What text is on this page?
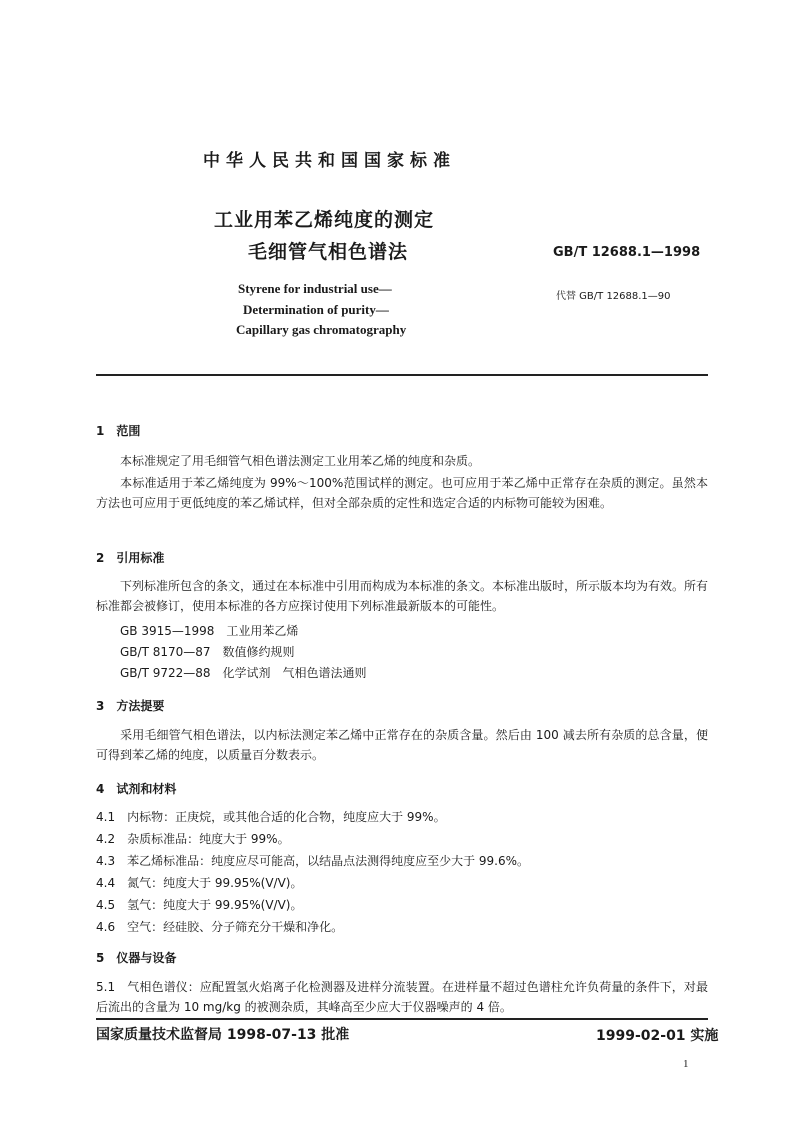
中华人民共和国国家标准
工业用苯乙烯纯度的测定
毛细管气相色谱法	GB/T 12688.1—1998
Styrene for industrial use—
Determination of purity—
Capillary gas chromatography
代替 GB/T 12688.1—90
1　范围
本标准规定了用毛细管气相色谱法测定工业用苯乙烯的纯度和杂质。
本标准适用于苯乙烯纯度为 99%～100%范围试样的测定。也可应用于苯乙烯中正常存在杂质的测定。虽然本方法也可应用于更低纯度的苯乙烯试样，但对全部杂质的定性和选定合适的内标物可能较为困难。
2　引用标准
下列标准所包含的条文，通过在本标准中引用而构成为本标准的条文。本标准出版时，所示版本均为有效。所有标准都会被修订，使用本标准的各方应探讨使用下列标准最新版本的可能性。
GB 3915—1998　工业用苯乙烯
GB/T 8170—87　数值修约规则
GB/T 9722—88　化学试剂　气相色谱法通则
3　方法提要
采用毛细管气相色谱法，以内标法测定苯乙烯中正常存在的杂质含量。然后由 100 减去所有杂质的总含量，便可得到苯乙烯的纯度，以质量百分数表示。
4　试剂和材料
4.1　内标物：正庚烷，或其他合适的化合物，纯度应大于 99%。
4.2　杂质标准品：纯度大于 99%。
4.3　苯乙烯标准品：纯度应尽可能高，以结晶点法测得纯度应至少大于 99.6%。
4.4　氮气：纯度大于 99.95%(V/V)。
4.5　氢气：纯度大于 99.95%(V/V)。
4.6　空气：经硅胶、分子筛充分干燥和净化。
5　仪器与设备
5.1　气相色谱仪：应配置氢火焰离子化检测器及进样分流装置。在进样量不超过色谱柱允许负荷量的条件下，对最后流出的含量为 10 mg/kg 的被测杂质，其峰高至少应大于仪器噪声的 4 倍。
国家质量技术监督局 1998-07-13 批准	1999-02-01 实施
1
